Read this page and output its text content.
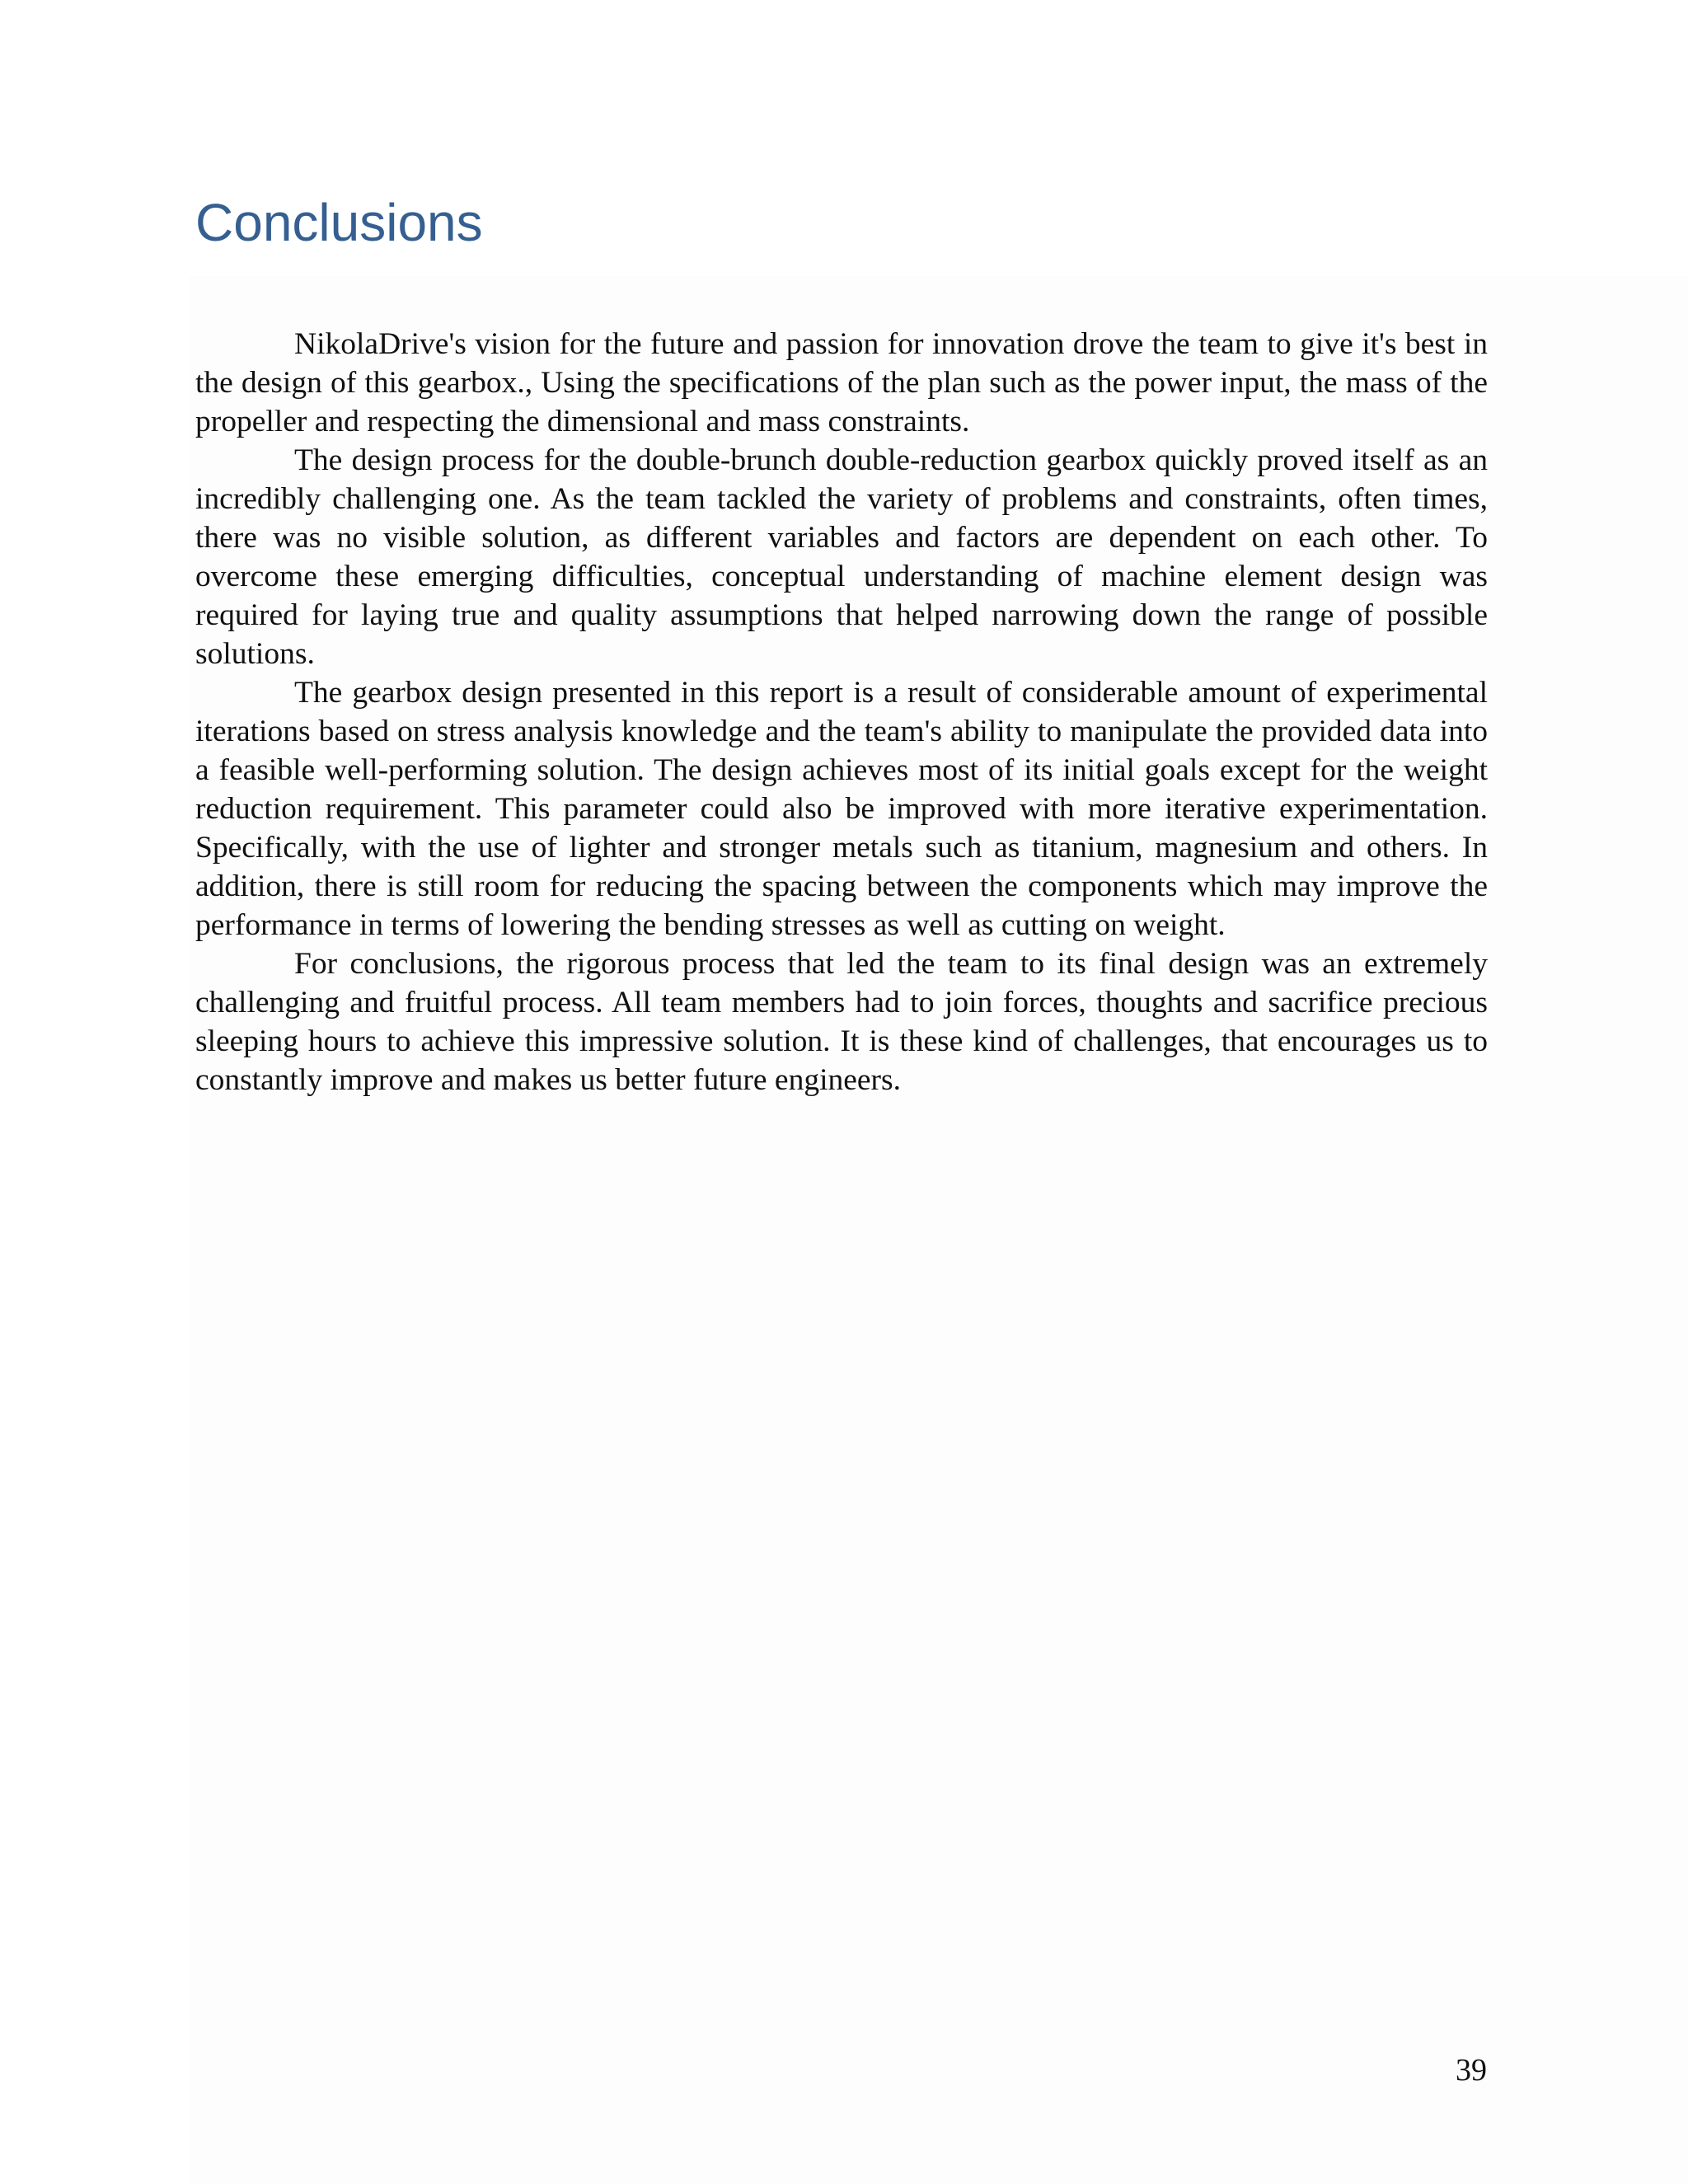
Conclusions

NikolaDrive's vision for the future and passion for innovation drove the team to give it's best in the design of this gearbox., Using the specifications of the plan such as the power input, the mass of the propeller and respecting the dimensional and mass constraints.

The design process for the double-brunch double-reduction gearbox quickly proved itself as an incredibly challenging one. As the team tackled the variety of problems and constraints, often times, there was no visible solution, as different variables and factors are dependent on each other. To overcome these emerging difficulties, conceptual understanding of machine element design was required for laying true and quality assumptions that helped narrowing down the range of possible solutions.

The gearbox design presented in this report is a result of considerable amount of experimental iterations based on stress analysis knowledge and the team's ability to manipulate the provided data into a feasible well-performing solution. The design achieves most of its initial goals except for the weight reduction requirement. This parameter could also be improved with more iterative experimentation. Specifically, with the use of lighter and stronger metals such as titanium, magnesium and others. In addition, there is still room for reducing the spacing between the components which may improve the performance in terms of lowering the bending stresses as well as cutting on weight.

For conclusions, the rigorous process that led the team to its final design was an extremely challenging and fruitful process. All team members had to join forces, thoughts and sacrifice precious sleeping hours to achieve this impressive solution. It is these kind of challenges, that encourages us to constantly improve and makes us better future engineers.

39
